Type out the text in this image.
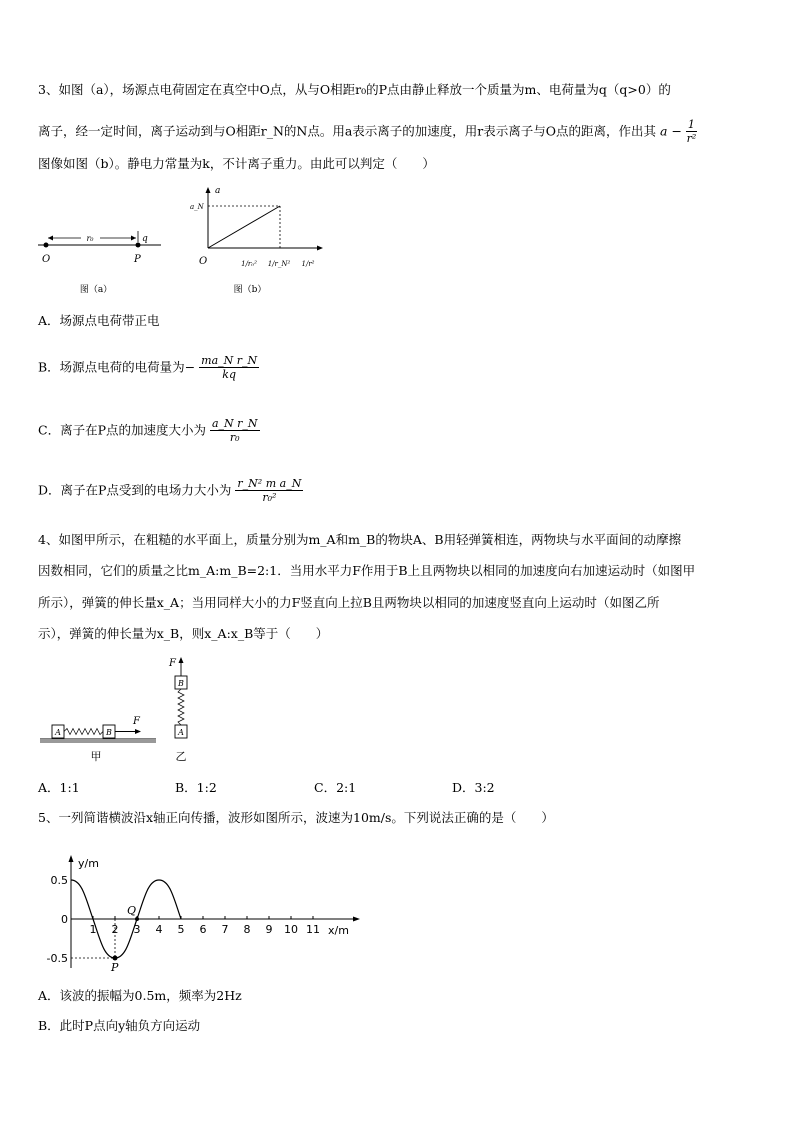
3、如图（a），场源点电荷固定在真空中O点，从与O相距r₀的P点由静止释放一个质量为m、电荷量为q（q>0）的
离子，经一定时间，离子运动到与O相距r_N的N点。用a表示离子的加速度，用r表示离子与O点的距离，作出其 $a - \frac{1}{\text{r²}}$
图像如图（b）。静电力常量为k，不计离子重力。由此可以判定（　　）
r₀	q
O	P
图（a）
a
a_N
O	1/r₀² 1/r_N² 1/r²
图（b）
A．场源点电荷带正电
B．场源点电荷的电荷量为− $\frac{\text{ma\_N r\_N}}{kq}$
C．离子在P点的加速度大小为 $\frac{\text{a\_N r\_N}}{\text{r₀}}$
D．离子在P点受到的电场力大小为 $\frac{\text{r\_N² m a\_N}}{\text{r₀²}}$
4、如图甲所示，在粗糙的水平面上，质量分别为m_A和m_B的物块A、B用轻弹簧相连，两物块与水平面间的动摩擦
因数相同，它们的质量之比m_A:m_B=2:1．当用水平力F作用于B上且两物块以相同的加速度向右加速运动时（如图甲
所示），弹簧的伸长量x_A；当用同样大小的力F竖直向上拉B且两物块以相同的加速度竖直向上运动时（如图乙所
示），弹簧的伸长量为x_B，则x_A:x_B等于（　　）
A	B
F
甲
A
B
F
乙
A．1:1	B．1:2	C．2:1	D．3:2
5、一列简谐横波沿x轴正向传播，波形如图所示，波速为10m/s。下列说法正确的是（　　）
y/m
x/m
0.5
0
-0.5
1 2 3 4 5 6 7 8 9 10 11
P
Q
A．该波的振幅为0.5m，频率为2Hz
B．此时P点向y轴负方向运动
